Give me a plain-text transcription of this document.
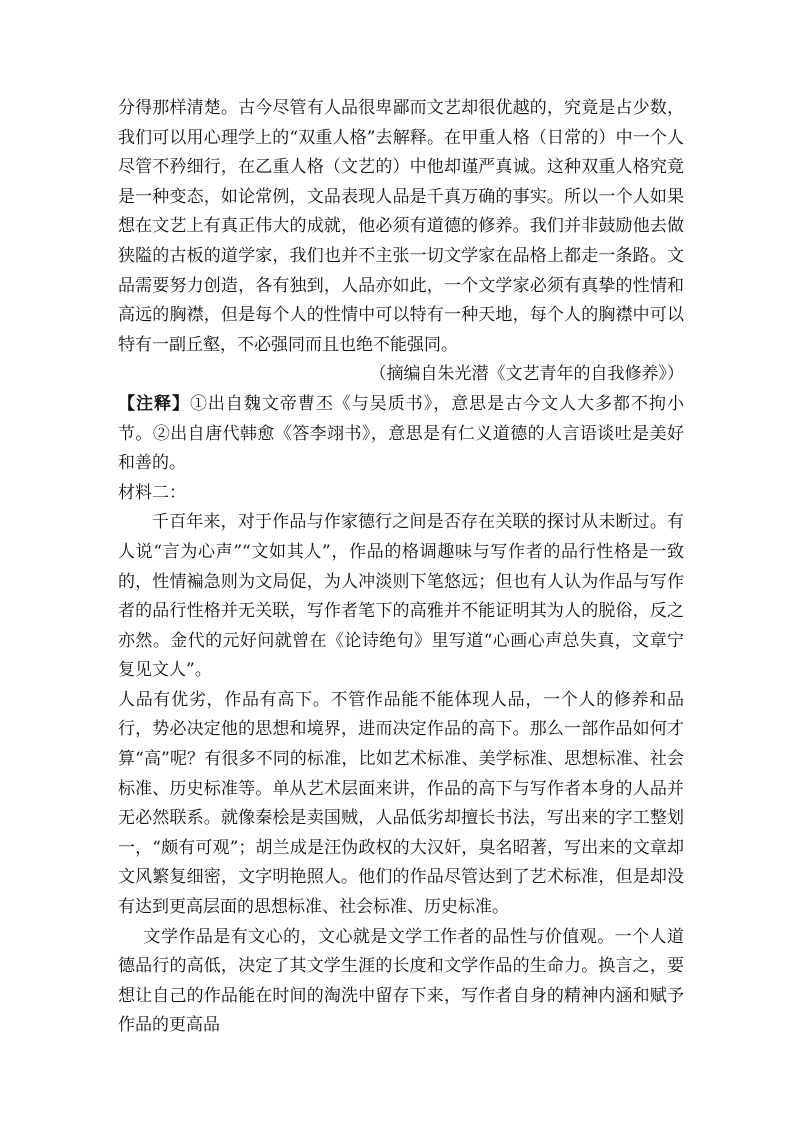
分得那样清楚。古今尽管有人品很卑鄙而文艺却很优越的，究竟是占少数，我们可以用心理学上的“双重人格”去解释。在甲重人格（日常的）中一个人尽管不矜细行，在乙重人格（文艺的）中他却谨严真诚。这种双重人格究竟是一种变态，如论常例，文品表现人品是千真万确的事实。所以一个人如果想在文艺上有真正伟大的成就，他必须有道德的修养。我们并非鼓励他去做狭隘的古板的道学家，我们也并不主张一切文学家在品格上都走一条路。文品需要努力创造，各有独到，人品亦如此，一个文学家必须有真挚的性情和高远的胸襟，但是每个人的性情中可以特有一种天地，每个人的胸襟中可以特有一副丘壑，不必强同而且也绝不能强同。

（摘编自朱光潜《文艺青年的自我修养》）

【注释】①出自魏文帝曹丕《与吴质书》，意思是古今文人大多都不拘小节。②出自唐代韩愈《答李翊书》，意思是有仁义道德的人言语谈吐是美好和善的。

材料二：

千百年来，对于作品与作家德行之间是否存在关联的探讨从未断过。有人说“言为心声”“文如其人”，作品的格调趣味与写作者的品行性格是一致的，性情褊急则为文局促，为人冲淡则下笔悠远；但也有人认为作品与写作者的品行性格并无关联，写作者笔下的高雅并不能证明其为人的脱俗，反之亦然。金代的元好问就曾在《论诗绝句》里写道“心画心声总失真，文章宁复见文人”。

人品有优劣，作品有高下。不管作品能不能体现人品，一个人的修养和品行，势必决定他的思想和境界，进而决定作品的高下。那么一部作品如何才算“高”呢？有很多不同的标准，比如艺术标准、美学标准、思想标准、社会标准、历史标准等。单从艺术层面来讲，作品的高下与写作者本身的人品并无必然联系。就像秦桧是卖国贼，人品低劣却擅长书法，写出来的字工整划一，“颇有可观”；胡兰成是汪伪政权的大汉奸，臭名昭著，写出来的文章却文风繁复细密，文字明艳照人。他们的作品尽管达到了艺术标准，但是却没有达到更高层面的思想标准、社会标准、历史标准。

文学作品是有文心的，文心就是文学工作者的品性与价值观。一个人道德品行的高低，决定了其文学生涯的长度和文学作品的生命力。换言之，要想让自己的作品能在时间的淘洗中留存下来，写作者自身的精神内涵和赋予作品的更高品
